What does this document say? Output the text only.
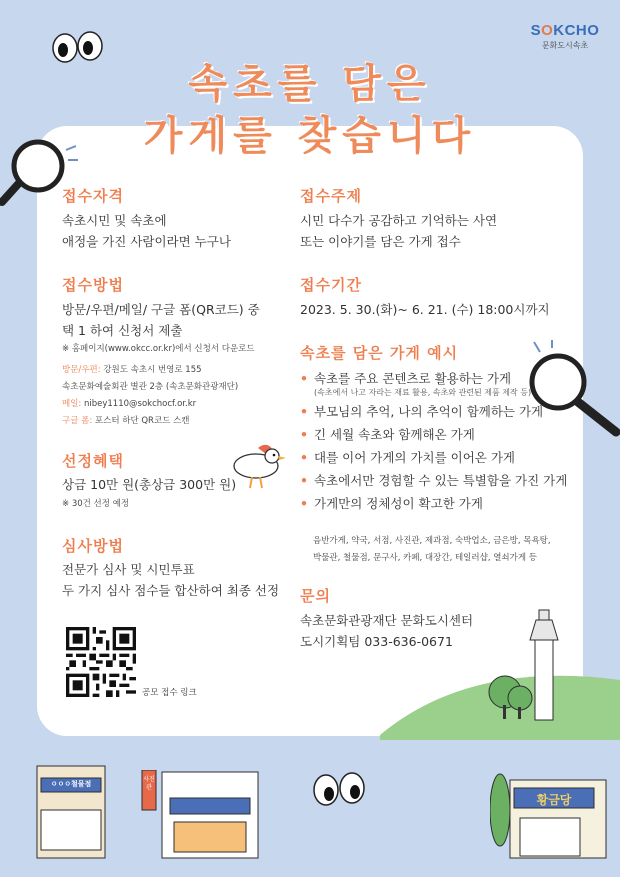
SOKCHO
문화도시속초
속초를 담은
가게를 찾습니다
접수자격
속초시민 및 속초에
애정을 가진 사람이라면 누구나
접수방법
방문/우편/메일/ 구글 폼(QR코드) 중
택 1 하여 신청서 제출
※ 홈페이지(www.okcc.or.kr)에서 신청서 다운로드
방문/우편: 강원도 속초시 번영로 155
속초문화예술회관 별관 2층 (속초문화관광재단)
메일: nibey1110@sokchocf.or.kr
구글 폼: 포스터 하단 QR코드 스캔
선정혜택
상금 10만 원(총상금 300만 원)
※ 30건 선정 예정
심사방법
전문가 심사 및 시민투표
두 가지 심사 점수들 합산하여 최종 선정
공모 접수 링크
접수주제
시민 다수가 공감하고 기억하는 사연
또는 이야기를 담은 가게 접수
접수기간
2023. 5. 30.(화)~ 6. 21. (수) 18:00시까지
속초를 담은 가게 예시
• 속초를 주요 콘텐츠로 활용하는 가게
(속초에서 나고 자라는 재료 활용, 속초와 관련된 제품 제작 등)
• 부모님의 추억, 나의 추억이 함께하는 가게
• 긴 세월 속초와 함께해온 가게
• 대를 이어 가게의 가치를 이어온 가게
• 속초에서만 경험할 수 있는 특별함을 가진 가게
• 가게만의 정체성이 확고한 가게
음반가게, 약국, 서점, 사진관, 제과점, 숙박업소, 금은방, 목욕탕,
박물관, 철물점, 문구사, 카페, 대장간, 테일러샵, 열쇠가게 등
문의
속초문화관광재단 문화도시센터
도시기획팀 033-636-0671
ㅇㅇㅇ철물점
사진관
황금당
